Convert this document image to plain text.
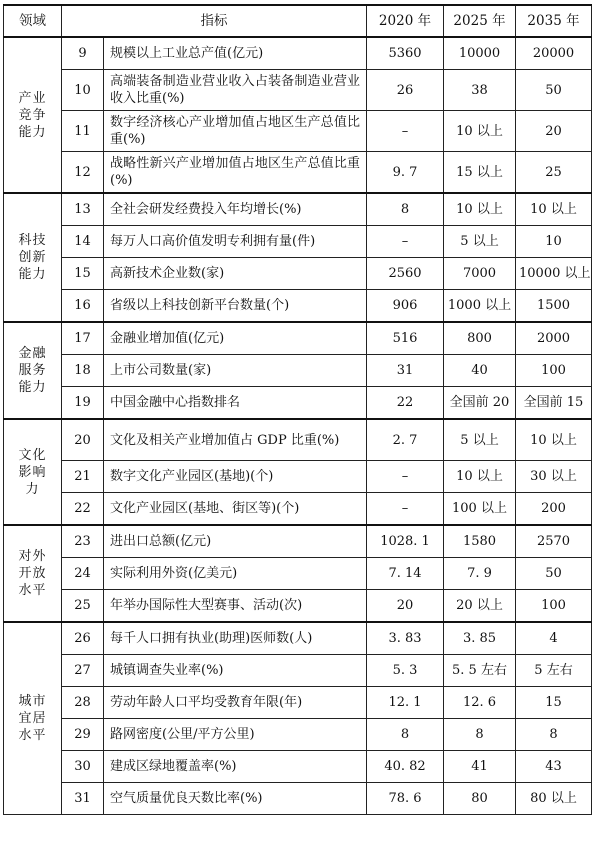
领域	指标		2020 年	2025 年	2035 年
产业竞争能力	9	规模以上工业总产值(亿元)	5360	10000	20000
	10	高端装备制造业营业收入占装备制造业营业收入比重(%)	26	38	50
	11	数字经济核心产业增加值占地区生产总值比重(%)	–	10 以上	20
	12	战略性新兴产业增加值占地区生产总值比重(%)	9. 7	15 以上	25
科技创新能力	13	全社会研发经费投入年均增长(%)	8	10 以上	10 以上
	14	每万人口高价值发明专利拥有量(件)	–	5 以上	10
	15	高新技术企业数(家)	2560	7000	10000 以上
	16	省级以上科技创新平台数量(个)	906	1000 以上	1500
金融服务能力	17	金融业增加值(亿元)	516	800	2000
	18	上市公司数量(家)	31	40	100
	19	中国金融中心指数排名	22	全国前 20	全国前 15
文化影响力	20	文化及相关产业增加值占 GDP 比重(%)	2. 7	5 以上	10 以上
	21	数字文化产业园区(基地)(个)	–	10 以上	30 以上
	22	文化产业园区(基地、街区等)(个)	–	100 以上	200
对外开放水平	23	进出口总额(亿元)	1028. 1	1580	2570
	24	实际利用外资(亿美元)	7. 14	7. 9	50
	25	年举办国际性大型赛事、活动(次)	20	20 以上	100
城市宜居水平	26	每千人口拥有执业(助理)医师数(人)	3. 83	3. 85	4
	27	城镇调查失业率(%)	5. 3	5. 5 左右	5 左右
	28	劳动年龄人口平均受教育年限(年)	12. 1	12. 6	15
	29	路网密度(公里/平方公里)	8	8	8
	30	建成区绿地覆盖率(%)	40. 82	41	43
	31	空气质量优良天数比率(%)	78. 6	80	80 以上
